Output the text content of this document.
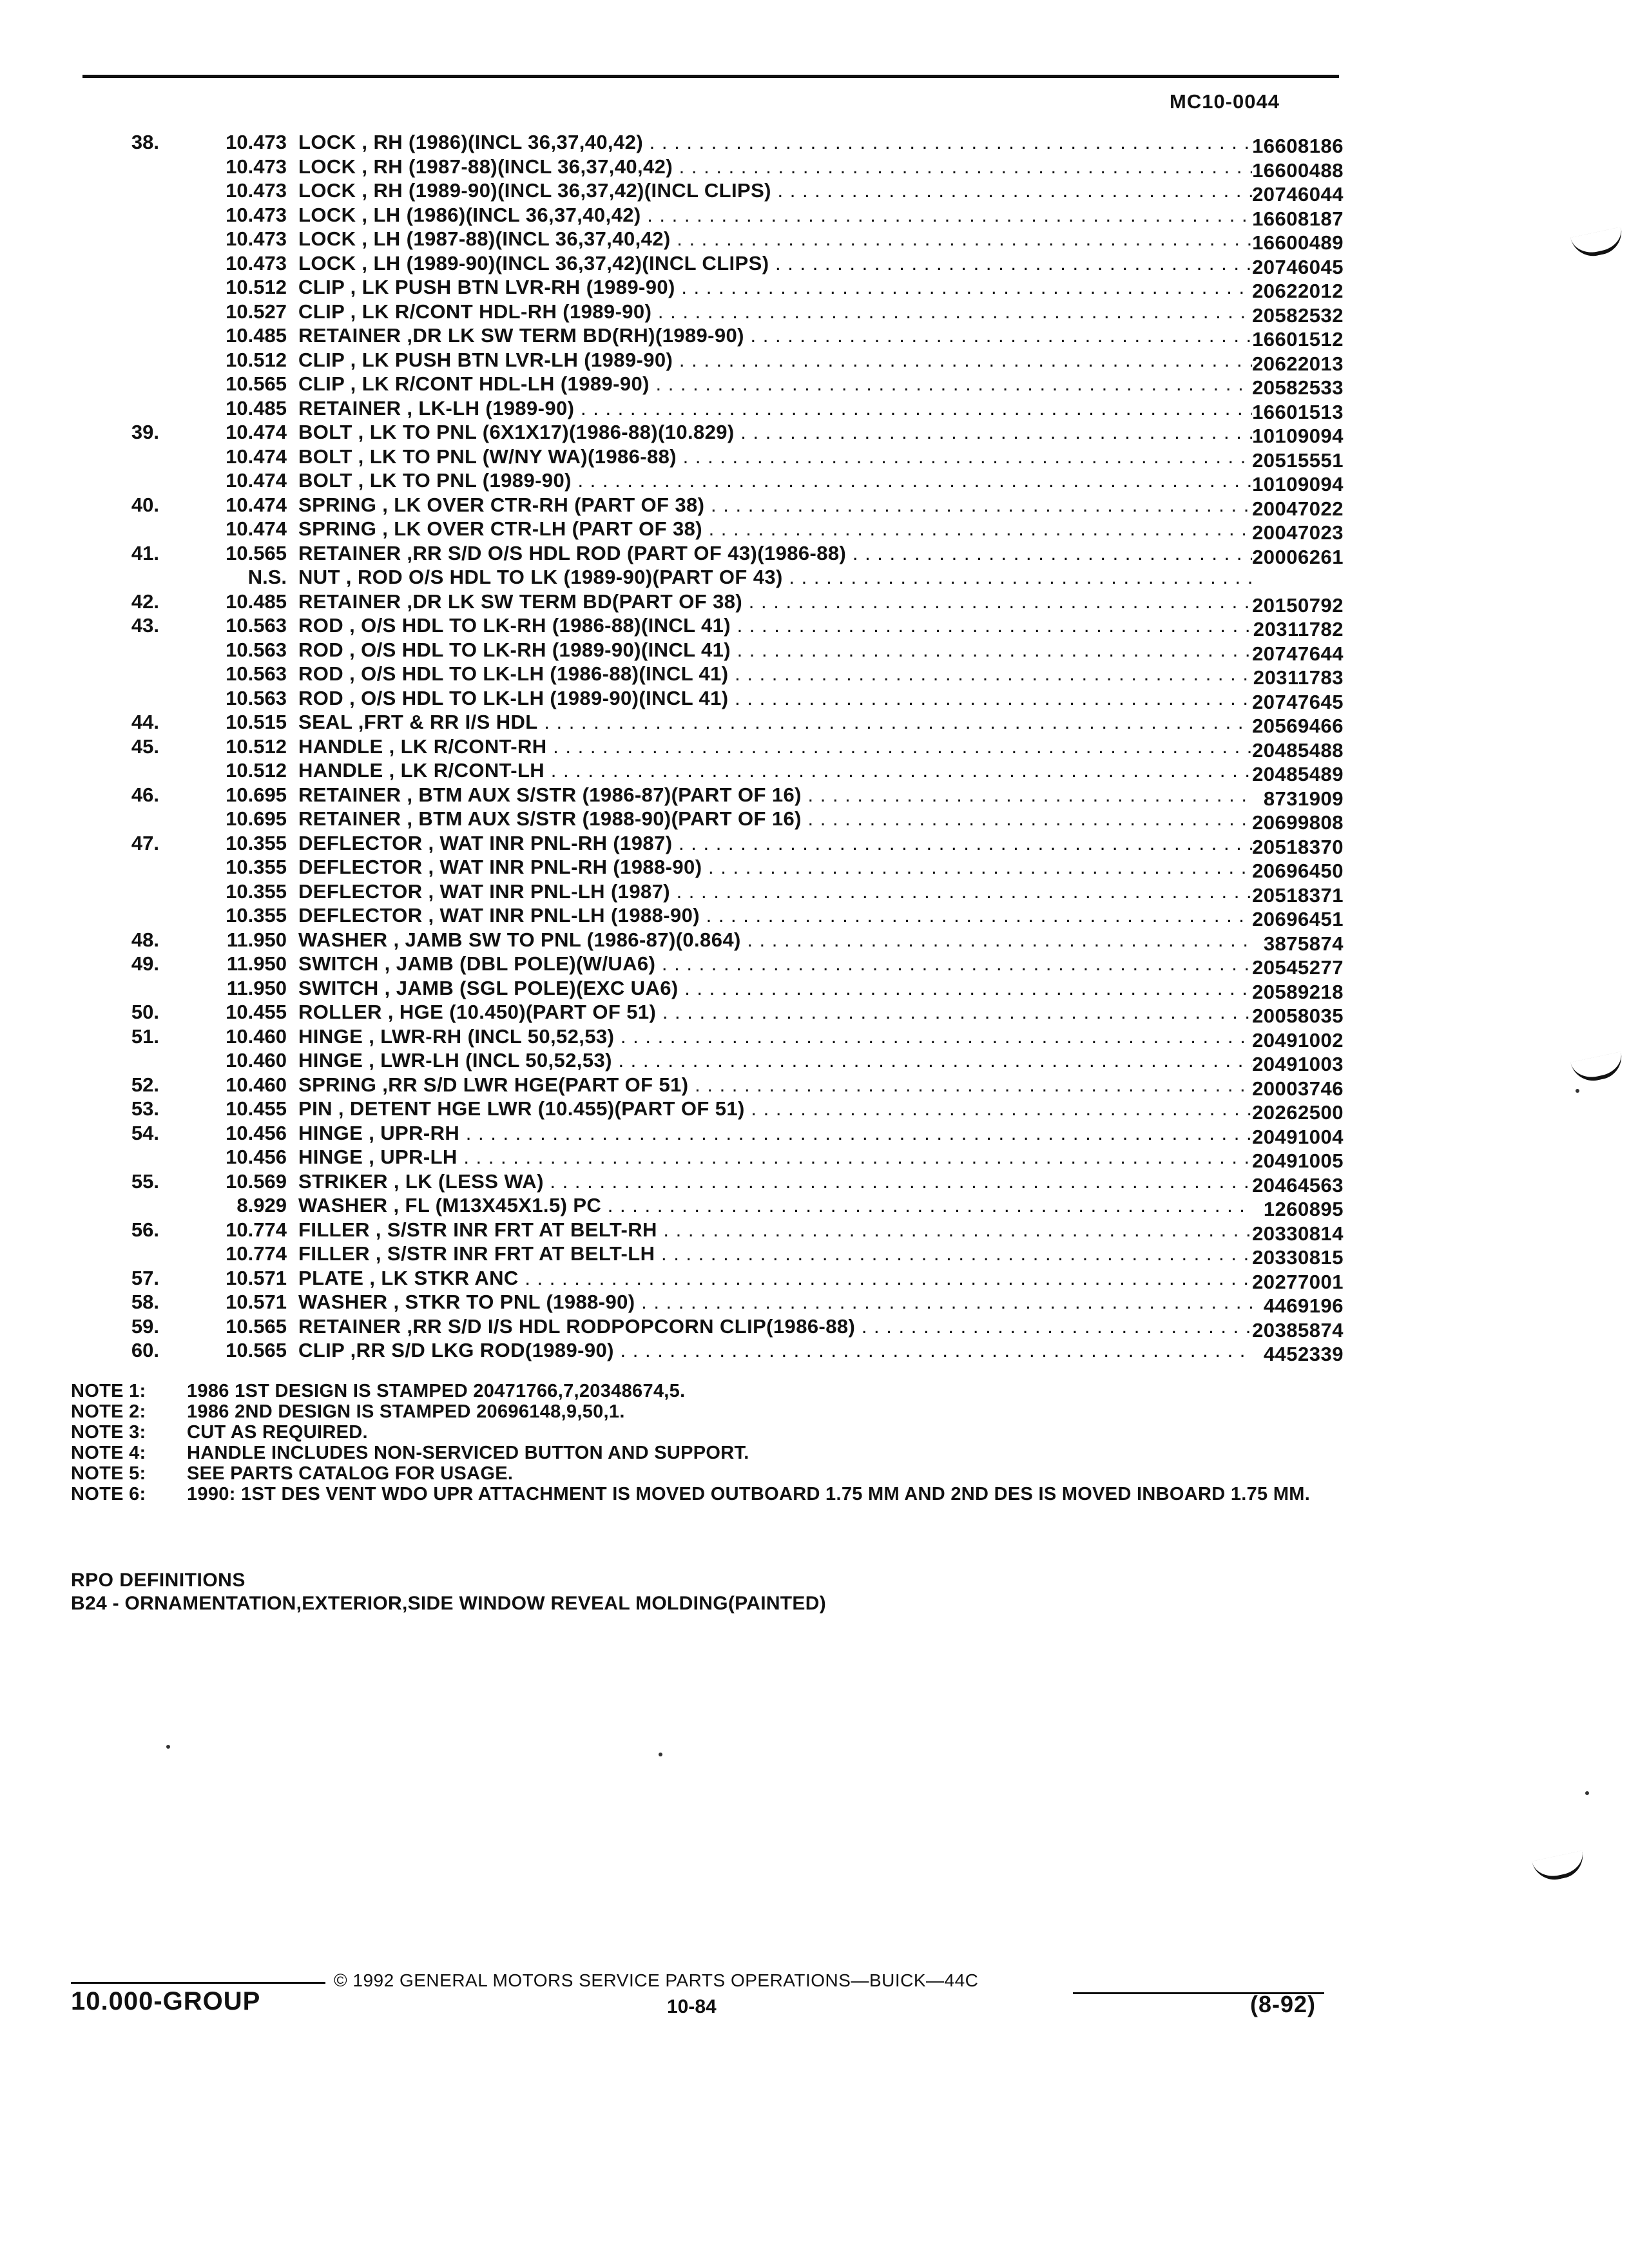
MC10-0044
38.	10.473 LOCK , RH (1986)(INCL 36,37,40,42) . . .	16608186
10.473 LOCK , RH (1987-88)(INCL 36,37,40,42) . . .	16600488
10.473 LOCK , RH (1989-90)(INCL 36,37,42)(INCL CLIPS) . . .	20746044
10.473 LOCK , LH (1986)(INCL 36,37,40,42) . . .	16608187
10.473 LOCK , LH (1987-88)(INCL 36,37,40,42) . . .	16600489
10.473 LOCK , LH (1989-90)(INCL 36,37,42)(INCL CLIPS) . . .	20746045
10.512 CLIP , LK PUSH BTN LVR-RH (1989-90) . . .	20622012
10.527 CLIP , LK R/CONT HDL-RH (1989-90) . . .	20582532
10.485 RETAINER ,DR LK SW TERM BD(RH)(1989-90) . . .	16601512
10.512 CLIP , LK PUSH BTN LVR-LH (1989-90) . . .	20622013
10.565 CLIP , LK R/CONT HDL-LH (1989-90) . . .	20582533
10.485 RETAINER , LK-LH (1989-90) . . .	16601513
39.	10.474 BOLT , LK TO PNL (6X1X17)(1986-88)(10.829) . . .	10109094
10.474 BOLT , LK TO PNL (W/NY WA)(1986-88) . . .	20515551
10.474 BOLT , LK TO PNL (1989-90) . . .	10109094
40.	10.474 SPRING , LK OVER CTR-RH (PART OF 38) . . .	20047022
10.474 SPRING , LK OVER CTR-LH (PART OF 38) . . .	20047023
41.	10.565 RETAINER ,RR S/D O/S HDL ROD (PART OF 43)(1986-88) . . .	20006261
N.S. NUT , ROD O/S HDL TO LK (1989-90)(PART OF 43) . . .
42.	10.485 RETAINER ,DR LK SW TERM BD(PART OF 38) . . .	20150792
43.	10.563 ROD , O/S HDL TO LK-RH (1986-88)(INCL 41) . . .	20311782
10.563 ROD , O/S HDL TO LK-RH (1989-90)(INCL 41) . . .	20747644
10.563 ROD , O/S HDL TO LK-LH (1986-88)(INCL 41) . . .	20311783
10.563 ROD , O/S HDL TO LK-LH (1989-90)(INCL 41) . . .	20747645
44.	10.515 SEAL ,FRT & RR I/S HDL . . .	20569466
45.	10.512 HANDLE , LK R/CONT-RH . . .	20485488
10.512 HANDLE , LK R/CONT-LH . . .	20485489
46.	10.695 RETAINER , BTM AUX S/STR (1986-87)(PART OF 16) . . .	8731909
10.695 RETAINER , BTM AUX S/STR (1988-90)(PART OF 16) . . .	20699808
47.	10.355 DEFLECTOR , WAT INR PNL-RH (1987) . . .	20518370
10.355 DEFLECTOR , WAT INR PNL-RH (1988-90) . . .	20696450
10.355 DEFLECTOR , WAT INR PNL-LH (1987) . . .	20518371
10.355 DEFLECTOR , WAT INR PNL-LH (1988-90) . . .	20696451
48.	11.950 WASHER , JAMB SW TO PNL (1986-87)(0.864) . . .	3875874
49.	11.950 SWITCH , JAMB (DBL POLE)(W/UA6) . . .	20545277
11.950 SWITCH , JAMB (SGL POLE)(EXC UA6) . . .	20589218
50.	10.455 ROLLER , HGE (10.450)(PART OF 51) . . .	20058035
51.	10.460 HINGE , LWR-RH (INCL 50,52,53) . . .	20491002
10.460 HINGE , LWR-LH (INCL 50,52,53) . . .	20491003
52.	10.460 SPRING ,RR S/D LWR HGE(PART OF 51) . . .	20003746
53.	10.455 PIN , DETENT HGE LWR (10.455)(PART OF 51) . . .	20262500
54.	10.456 HINGE , UPR-RH . . .	20491004
10.456 HINGE , UPR-LH . . .	20491005
55.	10.569 STRIKER , LK (LESS WA) . . .	20464563
8.929 WASHER , FL (M13X45X1.5) PC . . .	1260895
56.	10.774 FILLER , S/STR INR FRT AT BELT-RH . . .	20330814
10.774 FILLER , S/STR INR FRT AT BELT-LH . . .	20330815
57.	10.571 PLATE , LK STKR ANC . . .	20277001
58.	10.571 WASHER , STKR TO PNL (1988-90) . . .	4469196
59.	10.565 RETAINER ,RR S/D I/S HDL RODPOPCORN CLIP(1986-88) . . .	20385874
60.	10.565 CLIP ,RR S/D LKG ROD(1989-90) . . .	4452339
NOTE 1:	1986 1ST DESIGN IS STAMPED 20471766,7,20348674,5.
NOTE 2:	1986 2ND DESIGN IS STAMPED 20696148,9,50,1.
NOTE 3:	CUT AS REQUIRED.
NOTE 4:	HANDLE INCLUDES NON-SERVICED BUTTON AND SUPPORT.
NOTE 5:	SEE PARTS CATALOG FOR USAGE.
NOTE 6:	1990: 1ST DES VENT WDO UPR ATTACHMENT IS MOVED OUTBOARD 1.75 MM AND 2ND DES IS MOVED INBOARD 1.75 MM.
RPO DEFINITIONS
B24 - ORNAMENTATION,EXTERIOR,SIDE WINDOW REVEAL MOLDING(PAINTED)
© 1992 GENERAL MOTORS SERVICE PARTS OPERATIONS—BUICK—44C
10.000-GROUP	10-84	(8-92)
